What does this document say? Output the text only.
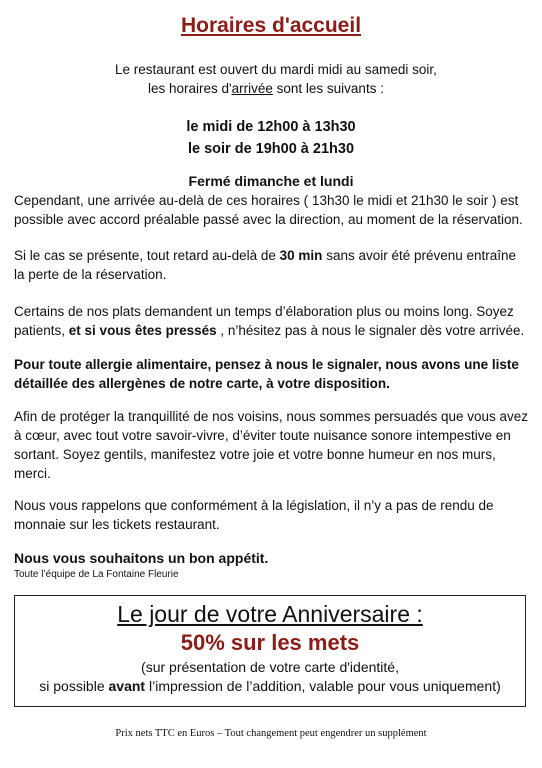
Horaires d'accueil
Le restaurant est ouvert du mardi midi au samedi soir,
les horaires d'arrivée sont les suivants :
le midi de 12h00 à 13h30
le soir de 19h00 à 21h30
Fermé dimanche et lundi

Cependant, une arrivée au-delà de ces horaires ( 13h30 le midi et 21h30 le soir ) est possible avec accord préalable passé avec la direction, au moment de la réservation.

Si le cas se présente, tout retard au-delà de 30 min sans avoir été prévenu entraîne la perte de la réservation.

Certains de nos plats demandent un temps d’élaboration plus ou moins long. Soyez patients, et si vous êtes pressés , n’hésitez pas à nous le signaler dès votre arrivée.

Pour toute allergie alimentaire, pensez à nous le signaler, nous avons une liste détaillée des allergènes de notre carte, à votre disposition.

Afin de protéger la tranquillité de nos voisins, nous sommes persuadés que vous avez à cœur, avec tout votre savoir-vivre, d’éviter toute nuisance sonore intempestive en sortant. Soyez gentils, manifestez votre joie et votre bonne humeur en nos murs, merci.

Nous vous rappelons que conformément à la législation, il n’y a pas de rendu de monnaie sur les tickets restaurant.

Nous vous souhaitons un bon appétit.
Toute l’équipe de La Fontaine Fleurie
Le jour de votre Anniversaire :
50% sur les mets
(sur présentation de votre carte d'identité,
si possible avant l’impression de l’addition, valable pour vous uniquement)
Prix nets TTC en Euros – Tout changement peut engendrer un supplément
